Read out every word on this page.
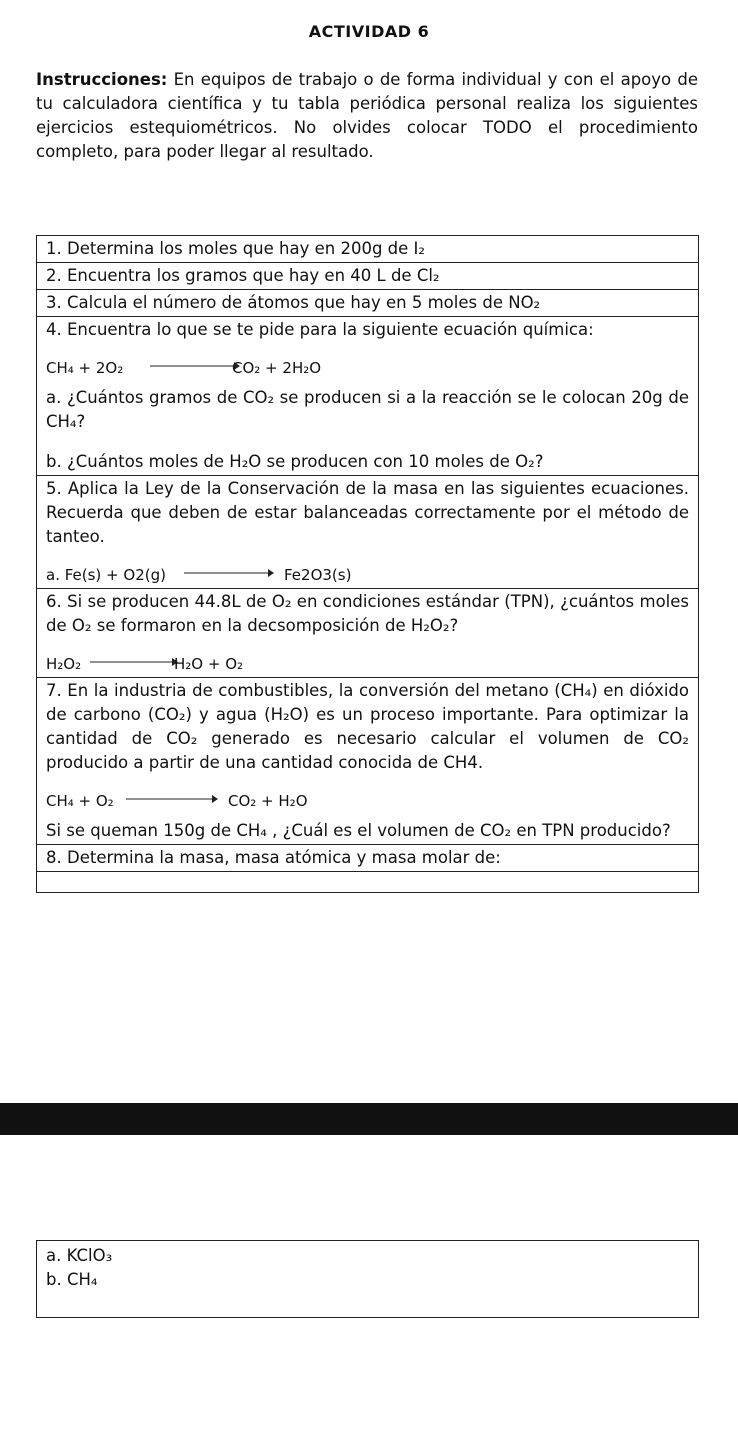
ACTIVIDAD 6
Instrucciones: En equipos de trabajo o de forma individual y con el apoyo de tu calculadora científica y tu tabla periódica personal realiza los siguientes ejercicios estequiométricos. No olvides colocar TODO el procedimiento completo, para poder llegar al resultado.
1. Determina los moles que hay en 200g de I₂
2. Encuentra los gramos que hay en 40 L de Cl₂
3. Calcula el número de átomos que hay en 5 moles de NO₂

4. Encuentra lo que se te pide para la siguiente ecuación química:
CH₄ + 2O₂	CO₂ + 2H₂O
a. ¿Cuántos gramos de CO₂ se producen si a la reacción se le colocan 20g de CH₄?
b. ¿Cuántos moles de H₂O se producen con 10 moles de O₂?

5. Aplica la Ley de la Conservación de la masa en las siguientes ecuaciones. Recuerda que deben de estar balanceadas correctamente por el método de tanteo.
a. Fe(s) + O2(g)	Fe2O3(s)

6. Si se producen 44.8L de O₂ en condiciones estándar (TPN), ¿cuántos moles de O₂ se formaron en la decsomposición de H₂O₂?
H₂O₂	H₂O + O₂

7. En la industria de combustibles, la conversión del metano (CH₄) en dióxido de carbono (CO₂) y agua (H₂O) es un proceso importante. Para optimizar la cantidad de CO₂ generado es necesario calcular el volumen de CO₂ producido a partir de una cantidad conocida de CH4.
CH₄ + O₂	CO₂ + H₂O
Si se queman 150g de CH₄ , ¿Cuál es el volumen de CO₂ en TPN producido?

8. Determina la masa, masa atómica y masa molar de:

a. KClO₃
b. CH₄
